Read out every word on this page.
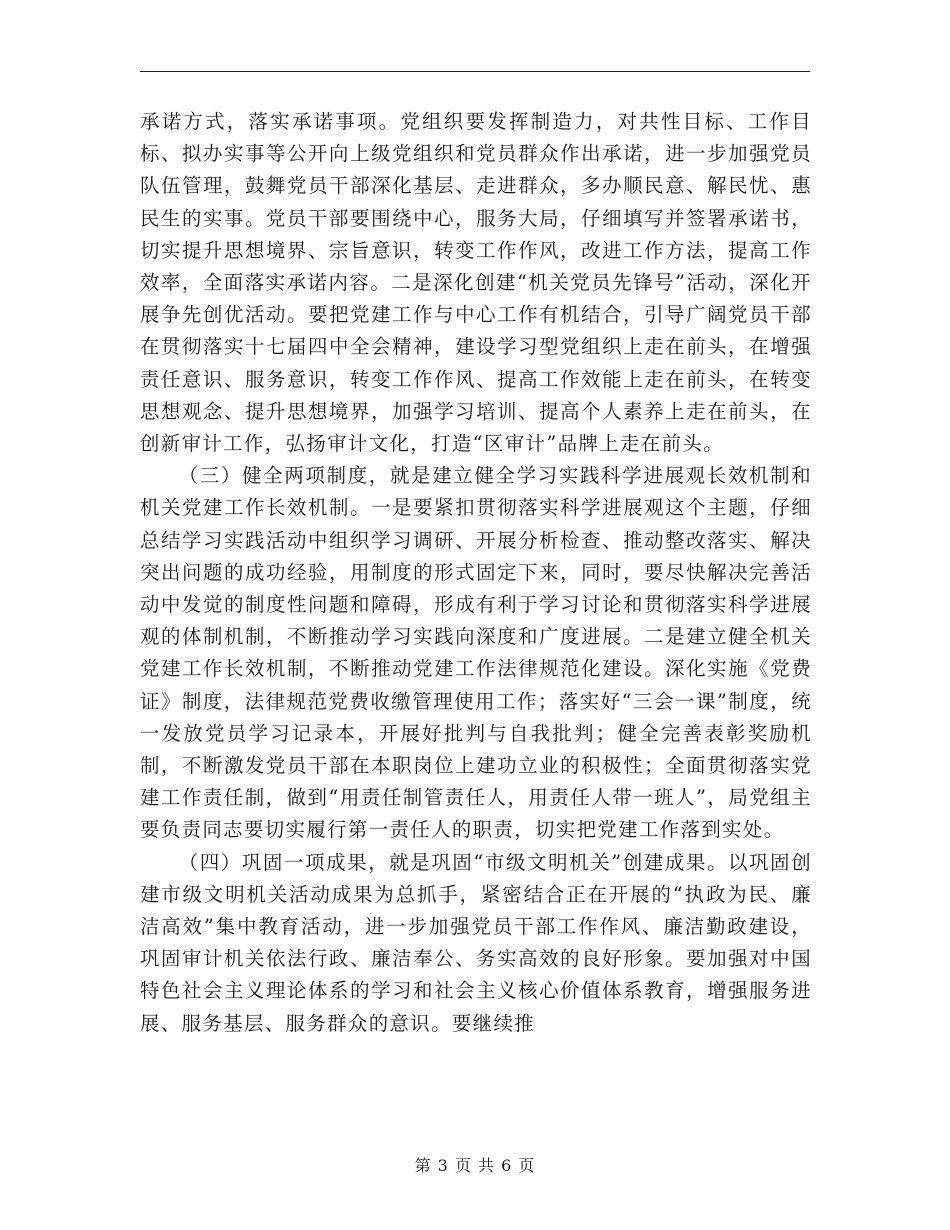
承诺方式，落实承诺事项。党组织要发挥制造力，对共性目标、工作目标、拟办实事等公开向上级党组织和党员群众作出承诺，进一步加强党员队伍管理，鼓舞党员干部深化基层、走进群众，多办顺民意、解民忧、惠民生的实事。党员干部要围绕中心，服务大局，仔细填写并签署承诺书，切实提升思想境界、宗旨意识，转变工作作风，改进工作方法，提高工作效率，全面落实承诺内容。二是深化创建“机关党员先锋号”活动，深化开展争先创优活动。要把党建工作与中心工作有机结合，引导广阔党员干部在贯彻落实十七届四中全会精神，建设学习型党组织上走在前头，在增强责任意识、服务意识，转变工作作风、提高工作效能上走在前头，在转变思想观念、提升思想境界，加强学习培训、提高个人素养上走在前头，在创新审计工作，弘扬审计文化，打造“区审计”品牌上走在前头。

（三）健全两项制度，就是建立健全学习实践科学进展观长效机制和机关党建工作长效机制。一是要紧扣贯彻落实科学进展观这个主题，仔细总结学习实践活动中组织学习调研、开展分析检查、推动整改落实、解决突出问题的成功经验，用制度的形式固定下来，同时，要尽快解决完善活动中发觉的制度性问题和障碍，形成有利于学习讨论和贯彻落实科学进展观的体制机制，不断推动学习实践向深度和广度进展。二是建立健全机关党建工作长效机制，不断推动党建工作法律规范化建设。深化实施《党费证》制度，法律规范党费收缴管理使用工作；落实好“三会一课”制度，统一发放党员学习记录本，开展好批判与自我批判；健全完善表彰奖励机制，不断激发党员干部在本职岗位上建功立业的积极性；全面贯彻落实党建工作责任制，做到“用责任制管责任人，用责任人带一班人”，局党组主要负责同志要切实履行第一责任人的职责，切实把党建工作落到实处。

（四）巩固一项成果，就是巩固“市级文明机关”创建成果。以巩固创建市级文明机关活动成果为总抓手，紧密结合正在开展的“执政为民、廉洁高效”集中教育活动，进一步加强党员干部工作作风、廉洁勤政建设，巩固审计机关依法行政、廉洁奉公、务实高效的良好形象。要加强对中国特色社会主义理论体系的学习和社会主义核心价值体系教育，增强服务进展、服务基层、服务群众的意识。要继续推

第 3 页 共 6 页
